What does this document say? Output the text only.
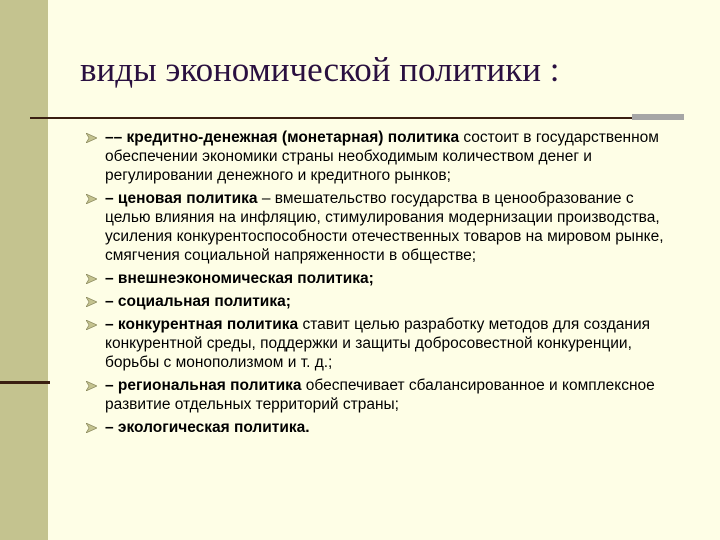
виды экономической политики :
–– кредитно-денежная (монетарная) политика состоит в государственном обеспечении экономики страны необходимым количеством денег и регулировании денежного и кредитного рынков;
– ценовая политика – вмешательство государства в ценообразование с целью влияния на инфляцию, стимулирования модернизации производства, усиления конкурентоспособности отечественных товаров на мировом рынке, смягчения социальной напряженности в обществе;
– внешнеэкономическая политика;
– социальная политика;
– конкурентная политика ставит целью разработку методов для создания конкурентной среды, поддержки и защиты добросовестной конкуренции, борьбы с монополизмом и т. д.;
– региональная политика обеспечивает сбалансированное и комплексное развитие отдельных территорий страны;
– экологическая политика.
